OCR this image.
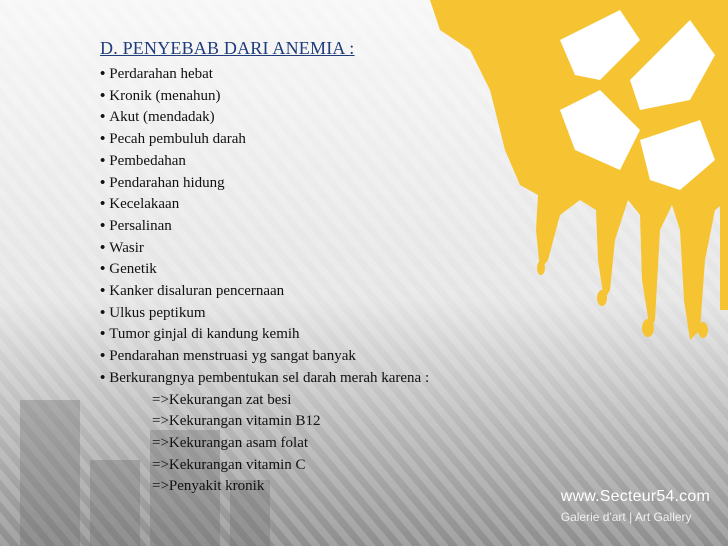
D. PENYEBAB DARI ANEMIA :
• Perdarahan hebat
• Kronik (menahun)
• Akut (mendadak)
• Pecah pembuluh darah
• Pembedahan
• Pendarahan hidung
• Kecelakaan
• Persalinan
• Wasir
• Genetik
• Kanker disaluran pencernaan
• Ulkus peptikum
• Tumor ginjal di kandung kemih
• Pendarahan menstruasi yg sangat banyak
• Berkurangnya pembentukan sel darah merah karena :
=>Kekurangan zat besi
=>Kekurangan vitamin B12
=>Kekurangan asam folat
=>Kekurangan vitamin C
=>Penyakit kronik
www.Secteur54.com
Galerie d'art | Art Gallery
